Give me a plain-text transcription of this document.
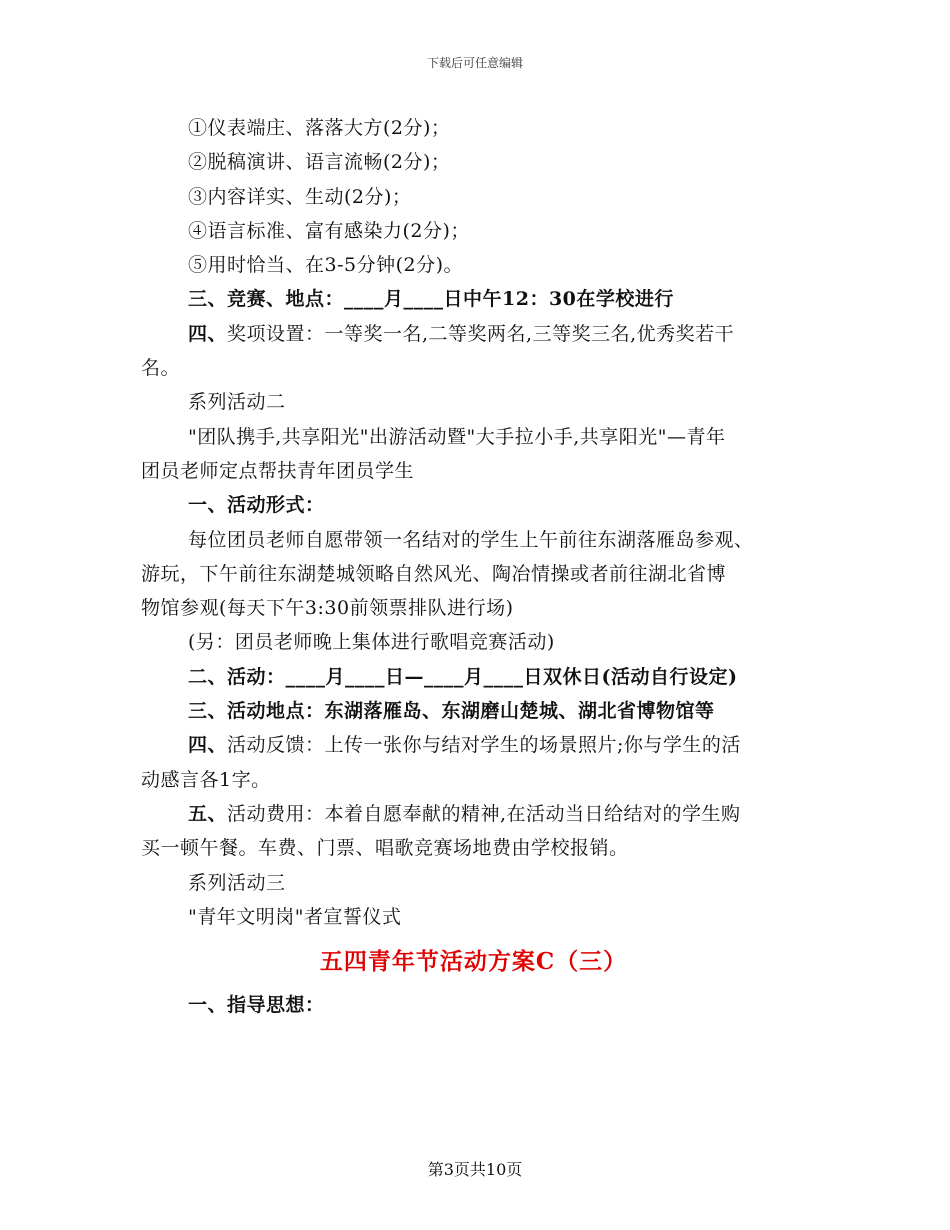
下载后可任意编辑
①仪表端庄、落落大方(2分)；
②脱稿演讲、语言流畅(2分)；
③内容详实、生动(2分)；
④语言标准、富有感染力(2分)；
⑤用时恰当、在3-5分钟(2分)。
三、竞赛、地点：____月____日中午12：30在学校进行
四、奖项设置：一等奖一名,二等奖两名,三等奖三名,优秀奖若干
名。
系列活动二
"团队携手,共享阳光"出游活动暨"大手拉小手,共享阳光"—青年
团员老师定点帮扶青年团员学生
一、活动形式：
每位团员老师自愿带领一名结对的学生上午前往东湖落雁岛参观、
游玩，下午前往东湖楚城领略自然风光、陶冶情操或者前往湖北省博
物馆参观(每天下午3:30前领票排队进行场)
(另：团员老师晚上集体进行歌唱竞赛活动)
二、活动：____月____日—____月____日双休日(活动自行设定)
三、活动地点：东湖落雁岛、东湖磨山楚城、湖北省博物馆等
四、活动反馈：上传一张你与结对学生的场景照片;你与学生的活
动感言各1字。
五、活动费用：本着自愿奉献的精神,在活动当日给结对的学生购
买一顿午餐。车费、门票、唱歌竞赛场地费由学校报销。
系列活动三
"青年文明岗"者宣誓仪式
五四青年节活动方案C（三）
一、指导思想：
第3页共10页
